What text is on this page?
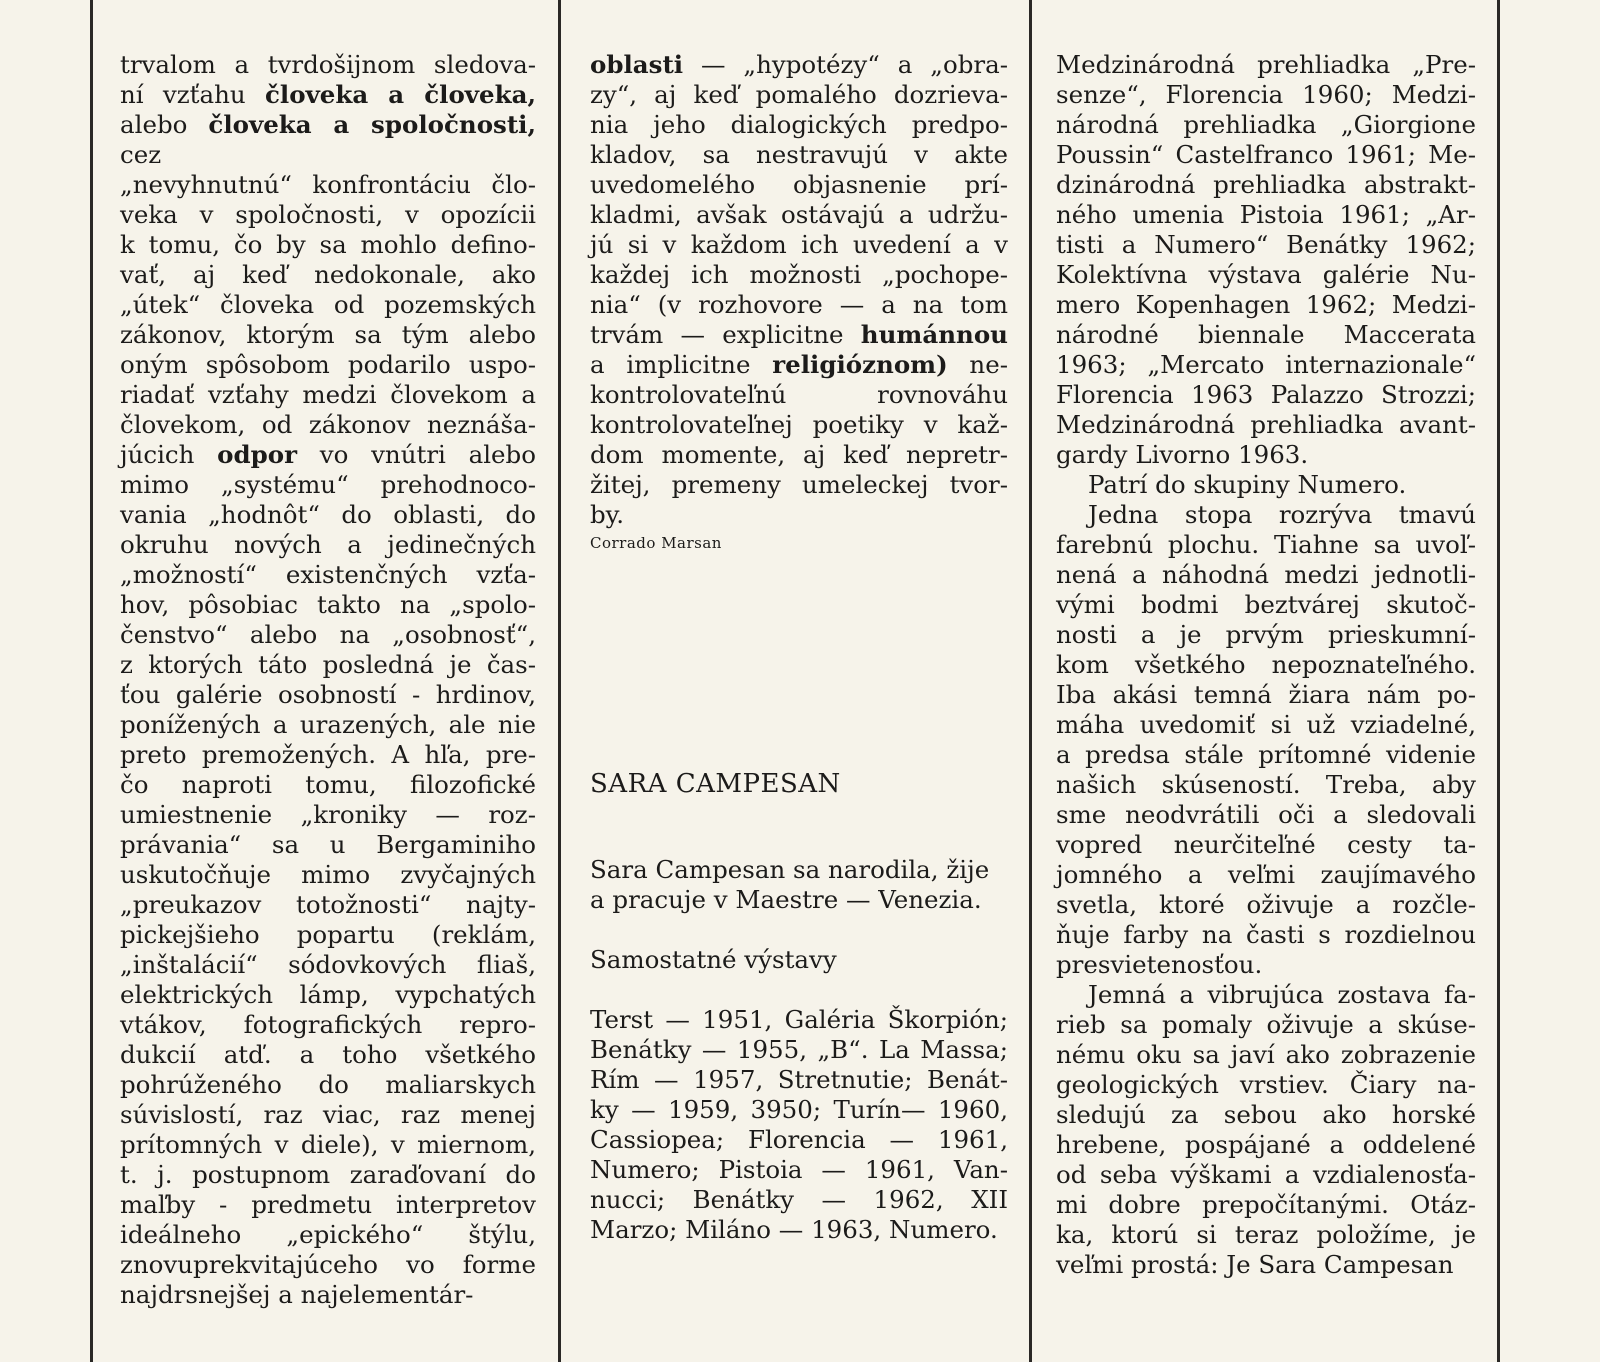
trvalom a tvrdošijnom sledova-

ní vzťahu človeka a človeka,

alebo človeka a spoločnosti, cez

„nevyhnutnú“ konfrontáciu člo-

veka v spoločnosti, v opozícii

k tomu, čo by sa mohlo defino-

vať, aj keď nedokonale, ako

„útek“ človeka od pozemských

zákonov, ktorým sa tým alebo

oným spôsobom podarilo uspo-

riadať vzťahy medzi človekom a

človekom, od zákonov neznáša-

júcich odpor vo vnútri alebo

mimo „systému“ prehodnoco-

vania „hodnôt“ do oblasti, do

okruhu nových a jedinečných

„možností“ existenčných vzťa-

hov, pôsobiac takto na „spolo-

čenstvo“ alebo na „osobnosť“,

z ktorých táto posledná je čas-

ťou galérie osobností - hrdinov,

ponížených a urazených, ale nie

preto premožených. A hľa, pre-

čo naproti tomu, filozofické

umiestnenie „kroniky — roz-

právania“ sa u Bergaminiho

uskutočňuje mimo zvyčajných

„preukazov totožnosti“ najty-

pickejšieho popartu (reklám,

„inštalácií“ sódovkových fliaš,

elektrických lámp, vypchatých

vtákov, fotografických repro-

dukcií atď. a toho všetkého

pohrúženého do maliarskych

súvislostí, raz viac, raz menej

prítomných v diele), v miernom,

t. j. postupnom zaraďovaní do

maľby - predmetu interpretov

ideálneho „epického“ štýlu,

znovuprekvitajúceho vo forme

najdrsnejšej a najelementár-

oblasti — „hypotézy“ a „obra-

zy“, aj keď pomalého dozrieva-

nia jeho dialogických predpo-

kladov, sa nestravujú v akte

uvedomelého objasnenie prí-

kladmi, avšak ostávajú a udržu-

jú si v každom ich uvedení a v

každej ich možnosti „pochope-

nia“ (v rozhovore — a na tom

trvám — explicitne humánnou

a implicitne religióznom) ne-

kontrolovateľnú rovnováhu

kontrolovateľnej poetiky v kaž-

dom momente, aj keď nepretr-

žitej, premeny umeleckej tvor-

by.

Corrado Marsan

SARA CAMPESAN

Sara Campesan sa narodila, žije

a pracuje v Maestre — Venezia.

Samostatné výstavy

Terst — 1951, Galéria Škorpión;

Benátky — 1955, „B“. La Massa;

Rím — 1957, Stretnutie; Benát-

ky — 1959, 3950; Turín— 1960,

Cassiopea; Florencia — 1961,

Numero; Pistoia — 1961, Van-

nucci; Benátky — 1962, XII

Marzo; Miláno — 1963, Numero.

Medzinárodná prehliadka „Pre-

senze“, Florencia 1960; Medzi-

národná prehliadka „Giorgione

Poussin“ Castelfranco 1961; Me-

dzinárodná prehliadka abstrakt-

ného umenia Pistoia 1961; „Ar-

tisti a Numero“ Benátky 1962;

Kolektívna výstava galérie Nu-

mero Kopenhagen 1962; Medzi-

národné biennale Maccerata

1963; „Mercato internazionale“

Florencia 1963 Palazzo Strozzi;

Medzinárodná prehliadka avant-

gardy Livorno 1963.

Patrí do skupiny Numero.

Jedna stopa rozrýva tmavú

farebnú plochu. Tiahne sa uvoľ-

nená a náhodná medzi jednotli-

vými bodmi beztvárej skutoč-

nosti a je prvým prieskumní-

kom všetkého nepoznateľného.

Iba akási temná žiara nám po-

máha uvedomiť si už vziadelné,

a predsa stále prítomné videnie

našich skúseností. Treba, aby

sme neodvrátili oči a sledovali

vopred neurčiteľné cesty ta-

jomného a veľmi zaujímavého

svetla, ktoré oživuje a rozčle-

ňuje farby na časti s rozdielnou

presvietenosťou.

Jemná a vibrujúca zostava fa-

rieb sa pomaly oživuje a skúse-

nému oku sa javí ako zobrazenie

geologických vrstiev. Čiary na-

sledujú za sebou ako horské

hrebene, pospájané a oddelené

od seba výškami a vzdialenosťa-

mi dobre prepočítanými. Otáz-

ka, ktorú si teraz položíme, je

veľmi prostá: Je Sara Campesan
